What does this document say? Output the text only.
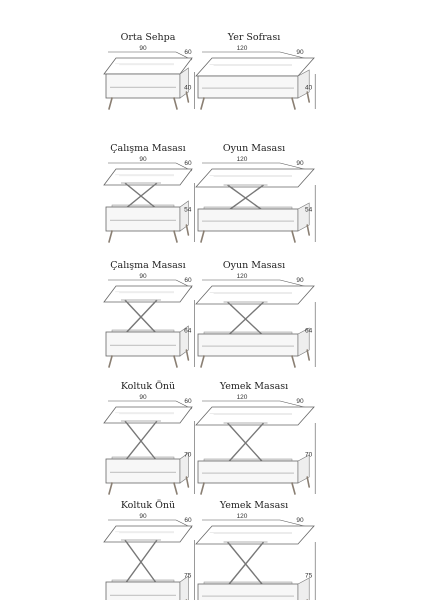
Orta Sehpa
90
60
40
Yer Sofrası
120
90
40
Çalışma Masası
90
60
54
Oyun Masası
120
90
54
Çalışma Masası
90
60
64
Oyun Masası
120
90
64
Koltuk Önü
90
60
70
Yemek Masası
120
90
70
Koltuk Önü
90
60
75
Yemek Masası
120
90
75
